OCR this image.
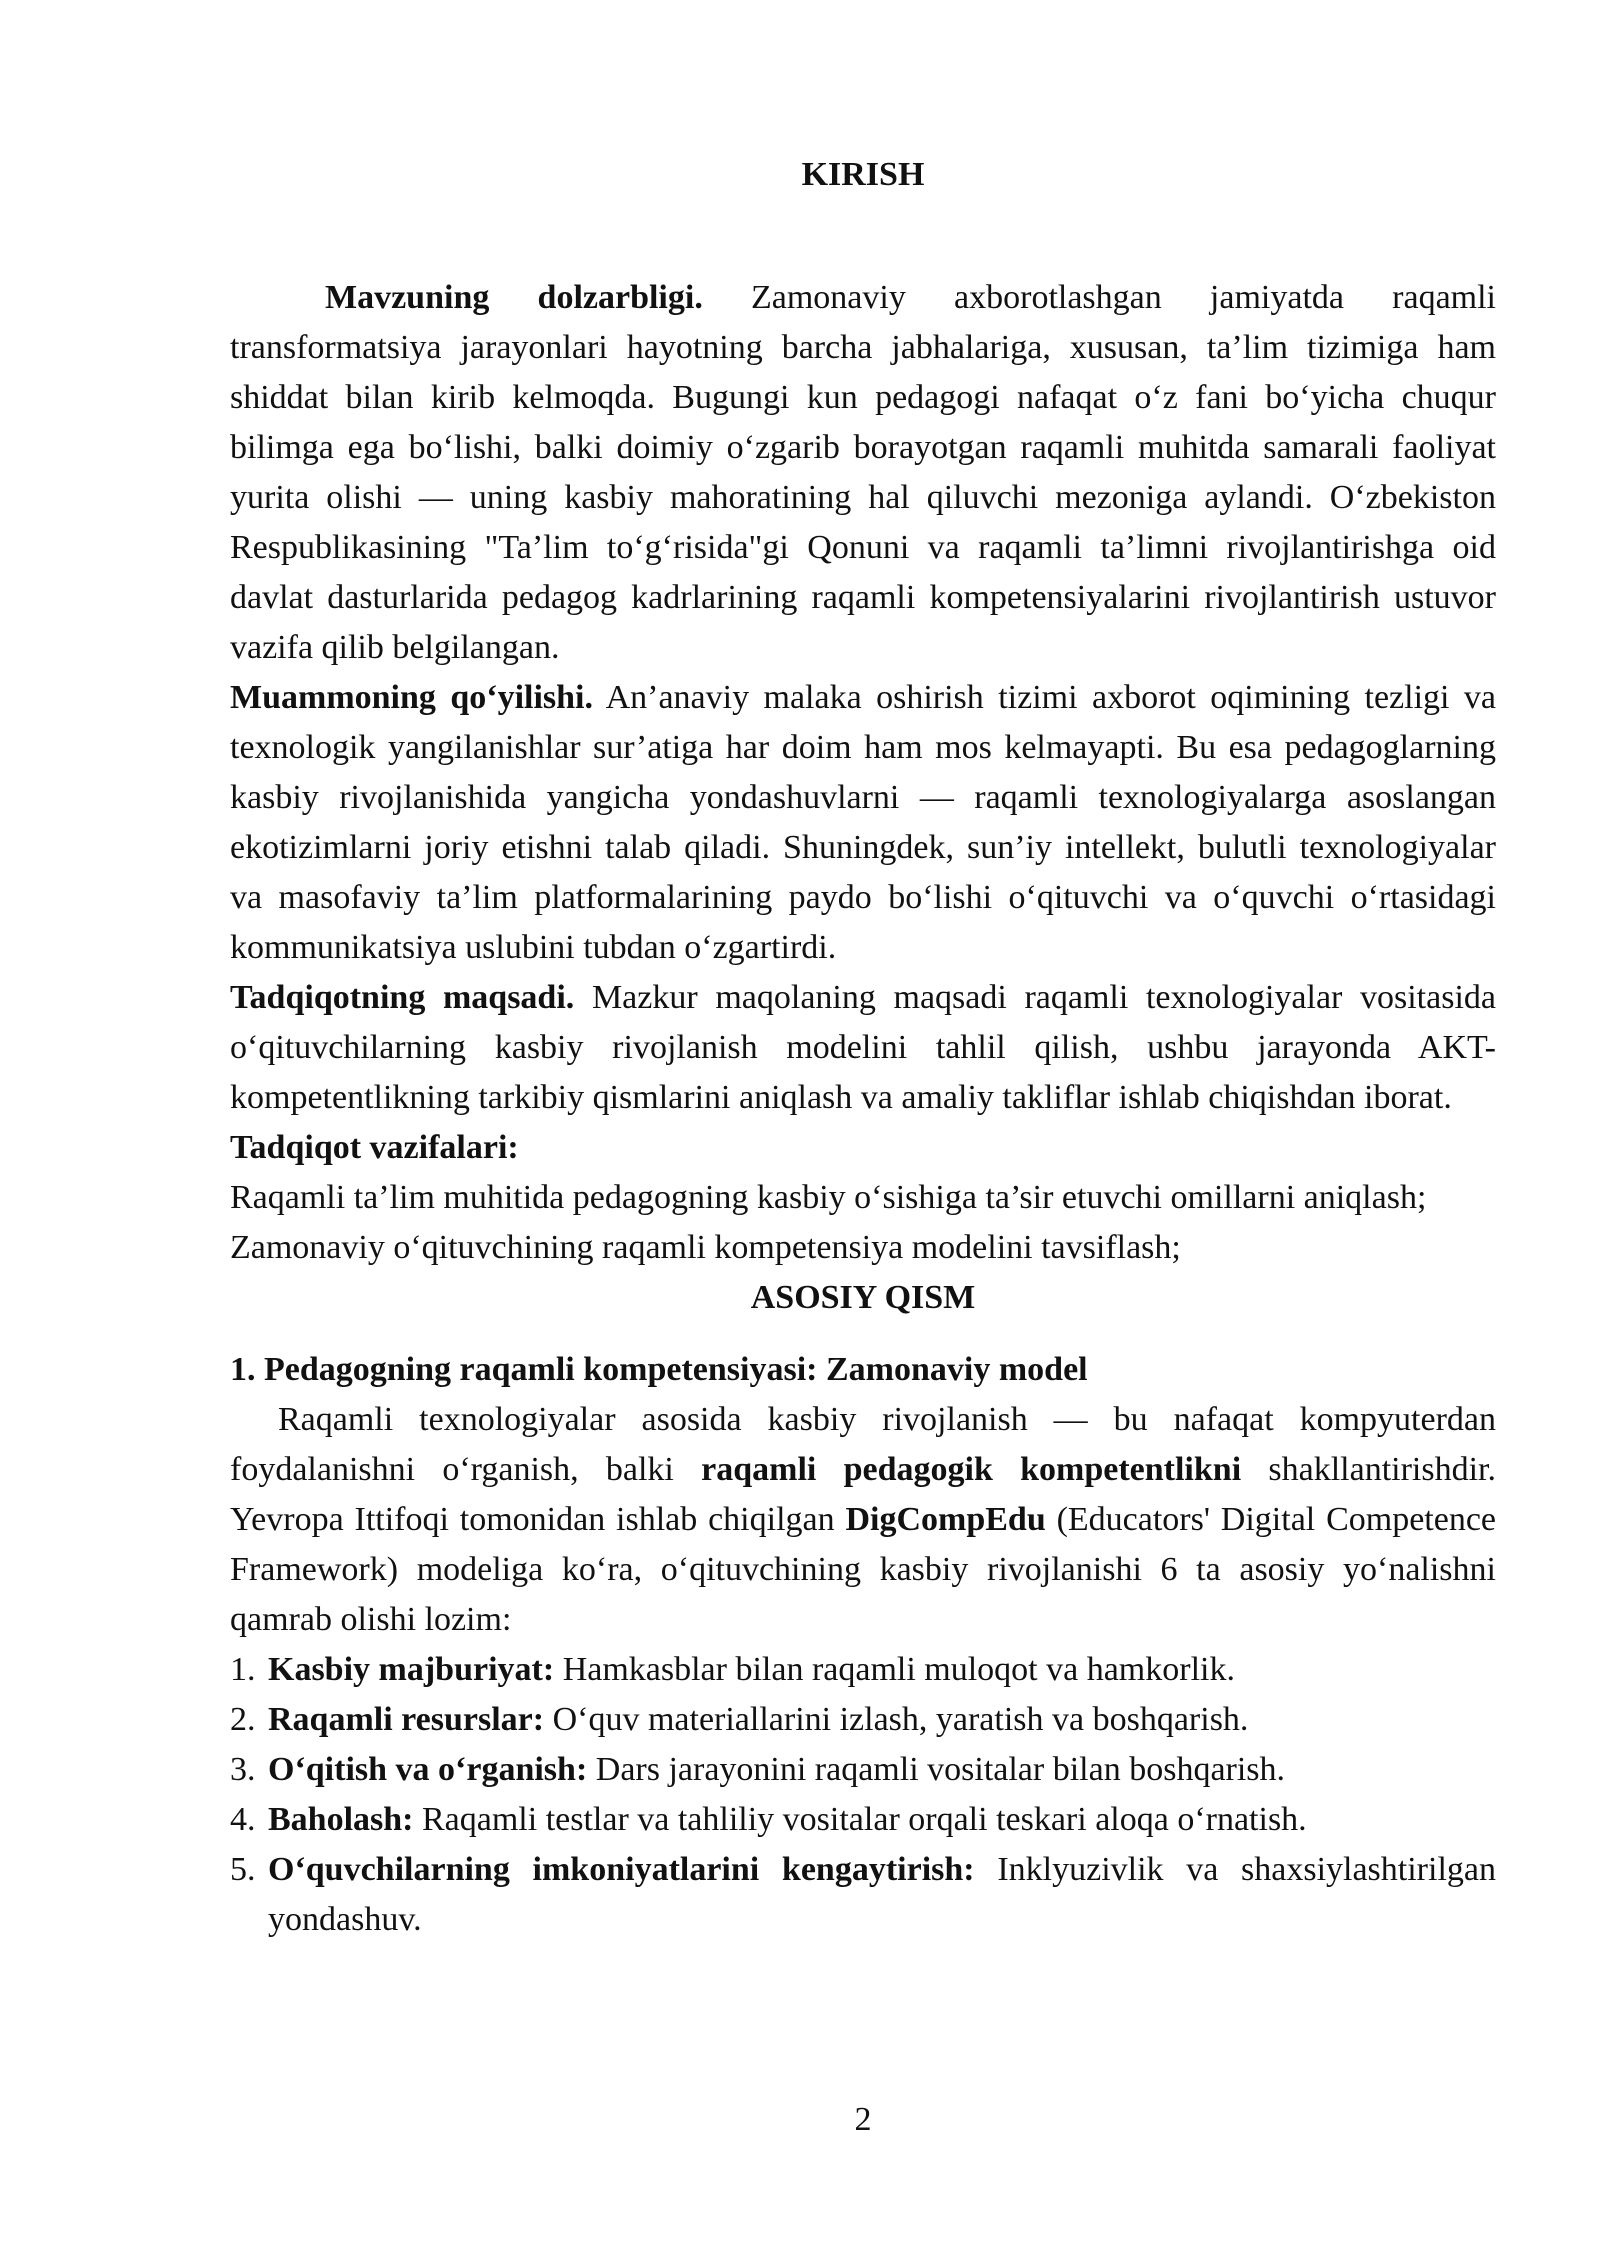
KIRISH

Mavzuning dolzarbligi. Zamonaviy axborotlashgan jamiyatda raqamli transformatsiya jarayonlari hayotning barcha jabhalariga, xususan, ta’lim tizimiga ham shiddat bilan kirib kelmoqda. Bugungi kun pedagogi nafaqat o‘z fani bo‘yicha chuqur bilimga ega bo‘lishi, balki doimiy o‘zgarib borayotgan raqamli muhitda samarali faoliyat yurita olishi — uning kasbiy mahoratining hal qiluvchi mezoniga aylandi. O‘zbekiston Respublikasining "Ta’lim to‘g‘risida"gi Qonuni va raqamli ta’limni rivojlantirishga oid davlat dasturlarida pedagog kadrlarining raqamli kompetensiyalarini rivojlantirish ustuvor vazifa qilib belgilangan.

Muammoning qo‘yilishi. An’anaviy malaka oshirish tizimi axborot oqimining tezligi va texnologik yangilanishlar sur’atiga har doim ham mos kelmayapti. Bu esa pedagoglarning kasbiy rivojlanishida yangicha yondashuvlarni — raqamli texnologiyalarga asoslangan ekotizimlarni joriy etishni talab qiladi. Shuningdek, sun’iy intellekt, bulutli texnologiyalar va masofaviy ta’lim platformalarining paydo bo‘lishi o‘qituvchi va o‘quvchi o‘rtasidagi kommunikatsiya uslubini tubdan o‘zgartirdi.

Tadqiqotning maqsadi. Mazkur maqolaning maqsadi raqamli texnologiyalar vositasida o‘qituvchilarning kasbiy rivojlanish modelini tahlil qilish, ushbu jarayonda AKT-kompetentlikning tarkibiy qismlarini aniqlash va amaliy takliflar ishlab chiqishdan iborat.

Tadqiqot vazifalari:

Raqamli ta’lim muhitida pedagogning kasbiy o‘sishiga ta’sir etuvchi omillarni aniqlash;

Zamonaviy o‘qituvchining raqamli kompetensiya modelini tavsiflash;

ASOSIY QISM

1. Pedagogning raqamli kompetensiyasi: Zamonaviy model

Raqamli texnologiyalar asosida kasbiy rivojlanish — bu nafaqat kompyuterdan foydalanishni o‘rganish, balki raqamli pedagogik kompetentlikni shakllantirishdir. Yevropa Ittifoqi tomonidan ishlab chiqilgan DigCompEdu (Educators' Digital Competence Framework) modeliga ko‘ra, o‘qituvchining kasbiy rivojlanishi 6 ta asosiy yo‘nalishni qamrab olishi lozim:

1. Kasbiy majburiyat: Hamkasblar bilan raqamli muloqot va hamkorlik.
2. Raqamli resurslar: O‘quv materiallarini izlash, yaratish va boshqarish.
3. O‘qitish va o‘rganish: Dars jarayonini raqamli vositalar bilan boshqarish.
4. Baholash: Raqamli testlar va tahliliy vositalar orqali teskari aloqa o‘rnatish.
5. O‘quvchilarning imkoniyatlarini kengaytirish: Inklyuzivlik va shaxsiylashtirilgan yondashuv.
2
